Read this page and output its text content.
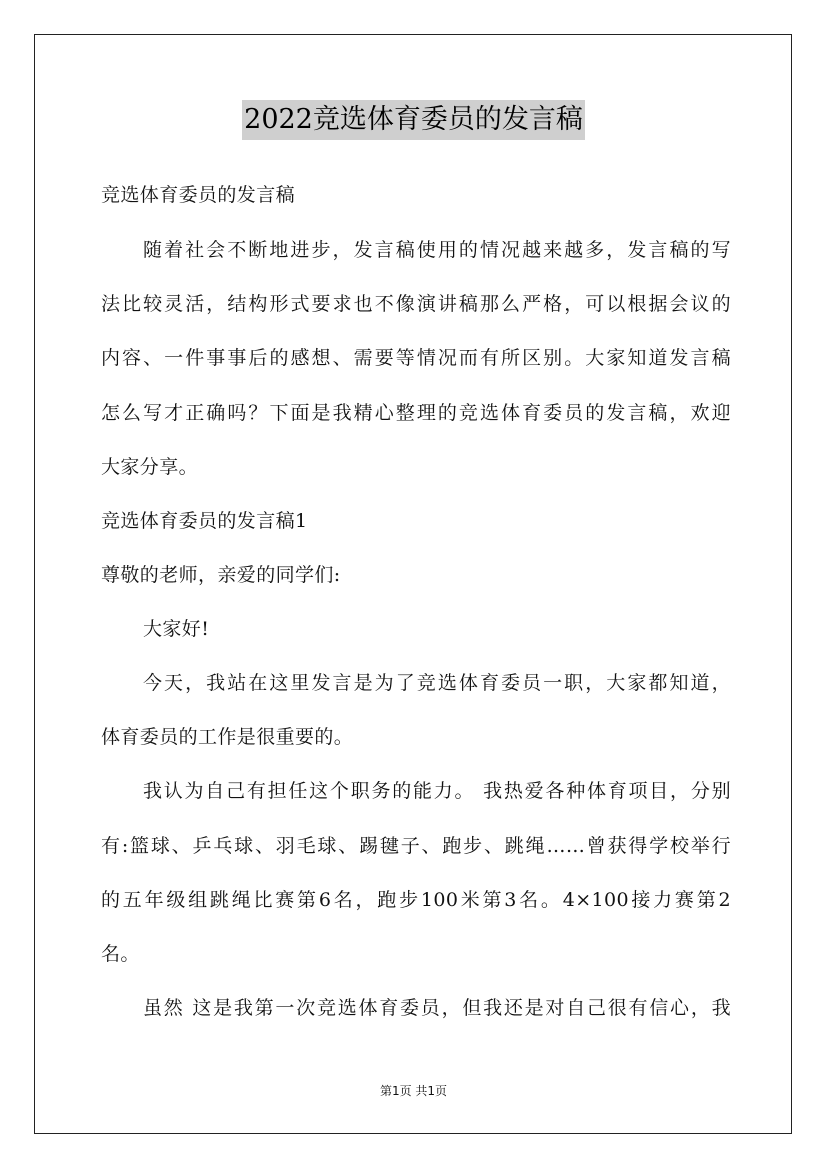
2022竞选体育委员的发言稿
竞选体育委员的发言稿
随着社会不断地进步，发言稿使用的情况越来越多，发言稿的写
法比较灵活，结构形式要求也不像演讲稿那么严格，可以根据会议的
内容、一件事事后的感想、需要等情况而有所区别。大家知道发言稿
怎么写才正确吗？下面是我精心整理的竞选体育委员的发言稿，欢迎
大家分享。
竞选体育委员的发言稿1
尊敬的老师，亲爱的同学们:
大家好!
今天，我站在这里发言是为了竞选体育委员一职，大家都知道，
体育委员的工作是很重要的。
我认为自己有担任这个职务的能力。 我热爱各种体育项目，分别
有:篮球、乒乓球、羽毛球、踢毽子、跑步、跳绳……曾获得学校举行
的五年级组跳绳比赛第6名，跑步100米第3名。4×100接力赛第2
名。
虽然 这是我第一次竞选体育委员，但我还是对自己很有信心，我
第1页 共1页
